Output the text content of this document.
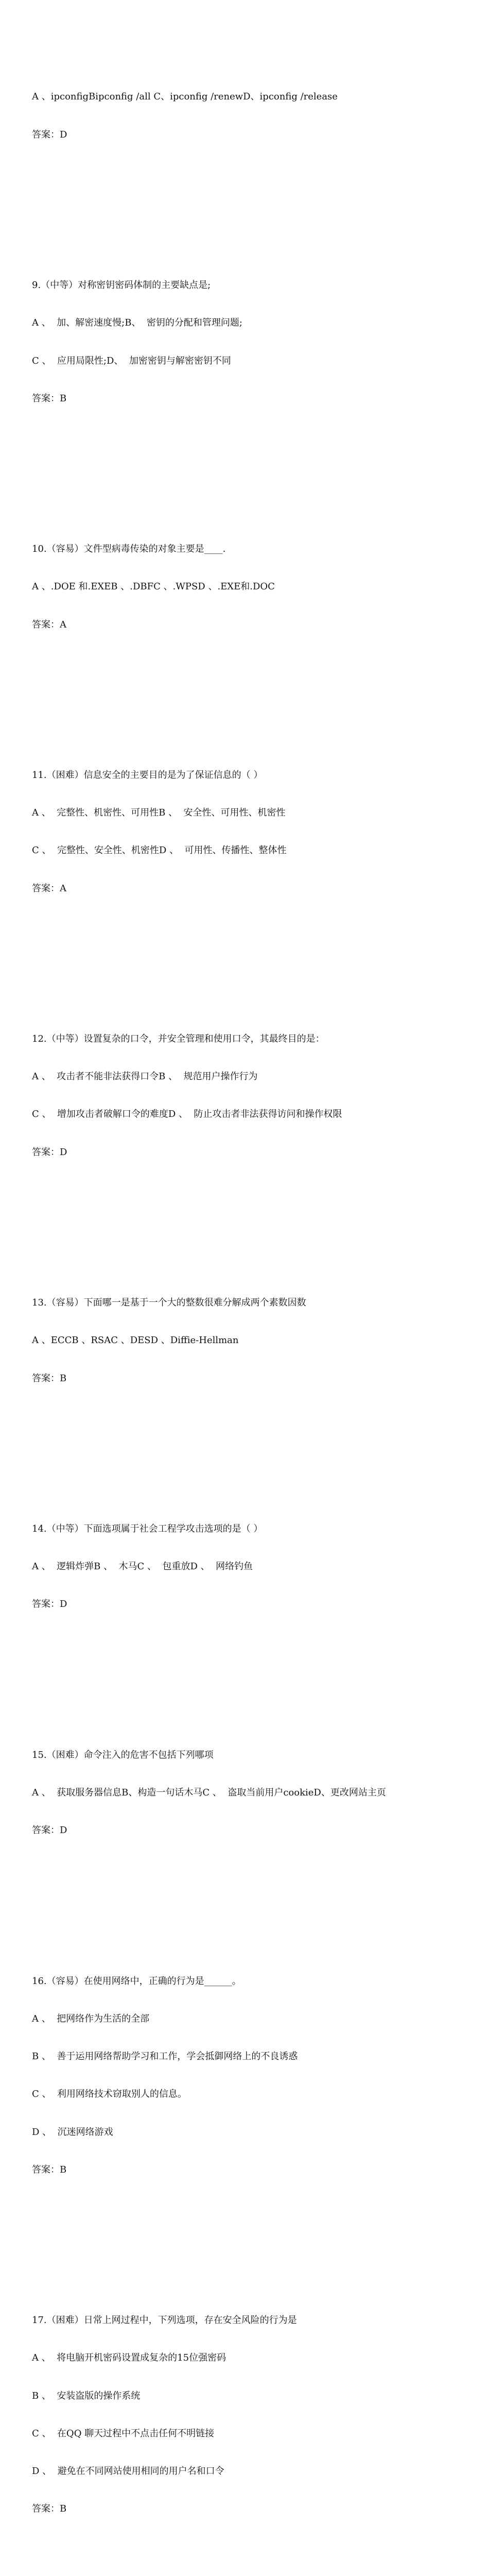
A 、ipconfigBipconfig /all C、ipconfig /renewD、ipconfig /release

答案：D

9.（中等）对称密钥密码体制的主要缺点是;

A 、  加、解密速度慢;B、  密钥的分配和管理问题;

C 、  应用局限性;D、  加密密钥与解密密钥不同

答案：B

10.（容易）文件型病毒传染的对象主要是____.

A 、.DOE 和.EXEB 、.DBFC 、.WPSD 、.EXE和.DOC

答案：A

11.（困难）信息安全的主要目的是为了保证信息的（ ）

A 、  完整性、机密性、可用性B 、  安全性、可用性、机密性

C 、  完整性、安全性、机密性D 、  可用性、传播性、整体性

答案：A

12.（中等）设置复杂的口令，并安全管理和使用口令，其最终目的是：

A 、  攻击者不能非法获得口令B 、  规范用户操作行为

C 、  增加攻击者破解口令的难度D 、  防止攻击者非法获得访问和操作权限

答案：D

13.（容易）下面哪一是基于一个大的整数很难分解成两个素数因数

A 、ECCB 、RSAC 、DESD 、Diffie-Hellman

答案：B

14.（中等）下面选项属于社会工程学攻击选项的是（ ）

A 、  逻辑炸弹B 、  木马C 、  包重放D 、  网络钓鱼

答案：D

15.（困难）命令注入的危害不包括下列哪项

A 、  获取服务器信息B、构造一句话木马C 、  盗取当前用户cookieD、更改网站主页

答案：D

16.（容易）在使用网络中，正确的行为是______。

A 、  把网络作为生活的全部

B 、  善于运用网络帮助学习和工作，学会抵御网络上的不良诱惑

C 、  利用网络技术窃取别人的信息。

D 、  沉迷网络游戏

答案：B

17.（困难）日常上网过程中，下列选项，存在安全风险的行为是

A 、  将电脑开机密码设置成复杂的15位强密码

B 、  安装盗版的操作系统

C 、  在QQ 聊天过程中不点击任何不明链接

D 、  避免在不同网站使用相同的用户名和口令

答案：B
